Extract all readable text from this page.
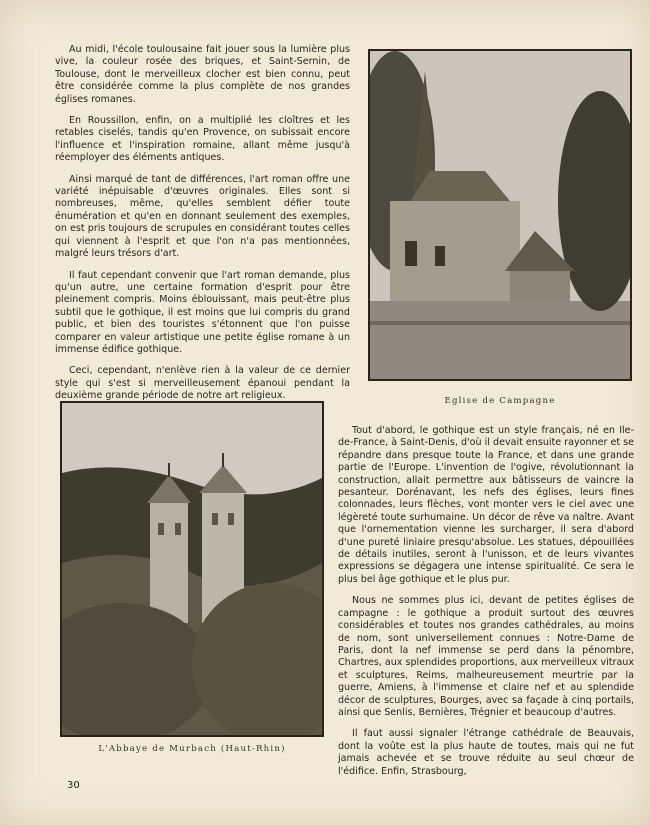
Au midi, l'école toulousaine fait jouer sous la lumière plus vive, la couleur rosée des briques, et Saint-Sernin, de Toulouse, dont le merveilleux clocher est bien connu, peut être considérée comme la plus complète de nos grandes églises romanes.

En Roussillon, enfin, on a multiplié les cloîtres et les retables ciselés, tandis qu'en Provence, on subissait encore l'influence et l'inspiration romaine, allant même jusqu'à réemployer des éléments antiques.

Ainsi marqué de tant de différences, l'art roman offre une variété inépuisable d'œuvres originales. Elles sont si nombreuses, même, qu'elles semblent défier toute énumération et qu'en en donnant seulement des exemples, on est pris toujours de scrupules en considérant toutes celles qui viennent à l'esprit et que l'on n'a pas mentionnées, malgré leurs trésors d'art.

Il faut cependant convenir que l'art roman demande, plus qu'un autre, une certaine formation d'esprit pour être pleinement compris. Moins éblouissant, mais peut-être plus subtil que le gothique, il est moins que lui compris du grand public, et bien des touristes s'étonnent que l'on puisse comparer en valeur artistique une petite église romane à un immense édifice gothique.

Ceci, cependant, n'enlève rien à la valeur de ce dernier style qui s'est si merveilleusement épanoui pendant la deuxième grande période de notre art religieux.	Eglise de Campagne
L'Abbaye de Murbach (Haut-Rhin)

Tout d'abord, le gothique est un style français, né en Ile-de-France, à Saint-Denis, d'où il devait ensuite rayonner et se répandre dans presque toute la France, et dans une grande partie de l'Europe. L'invention de l'ogive, révolutionnant la construction, allait permettre aux bâtisseurs de vaincre la pesanteur. Dorénavant, les nefs des églises, leurs fines colonnades, leurs flèches, vont monter vers le ciel avec une légèreté toute surhumaine. Un décor de rêve va naître. Avant que l'ornementation vienne les surcharger, il sera d'abord d'une pureté liniaire presqu'absolue. Les statues, dépouillées de détails inutiles, seront à l'unisson, et de leurs vivantes expressions se dégagera une intense spiritualité. Ce sera le plus bel âge gothique et le plus pur.

Nous ne sommes plus ici, devant de petites églises de campagne : le gothique a produit surtout des œuvres considérables et toutes nos grandes cathédrales, au moins de nom, sont universellement connues : Notre-Dame de Paris, dont la nef immense se perd dans la pénombre, Chartres, aux splendides proportions, aux merveilleux vitraux et sculptures, Reims, malheureusement meurtrie par la guerre, Amiens, à l'immense et claire nef et au splendide décor de sculptures, Bourges, avec sa façade à cinq portails, ainsi que Senlis, Bernières, Trégnier et beaucoup d'autres.

Il faut aussi signaler l'étrange cathédrale de Beauvais, dont la voûte est la plus haute de toutes, mais qui ne fut jamais achevée et se trouve réduite au seul chœur de l'édifice. Enfin, Strasbourg,

30
